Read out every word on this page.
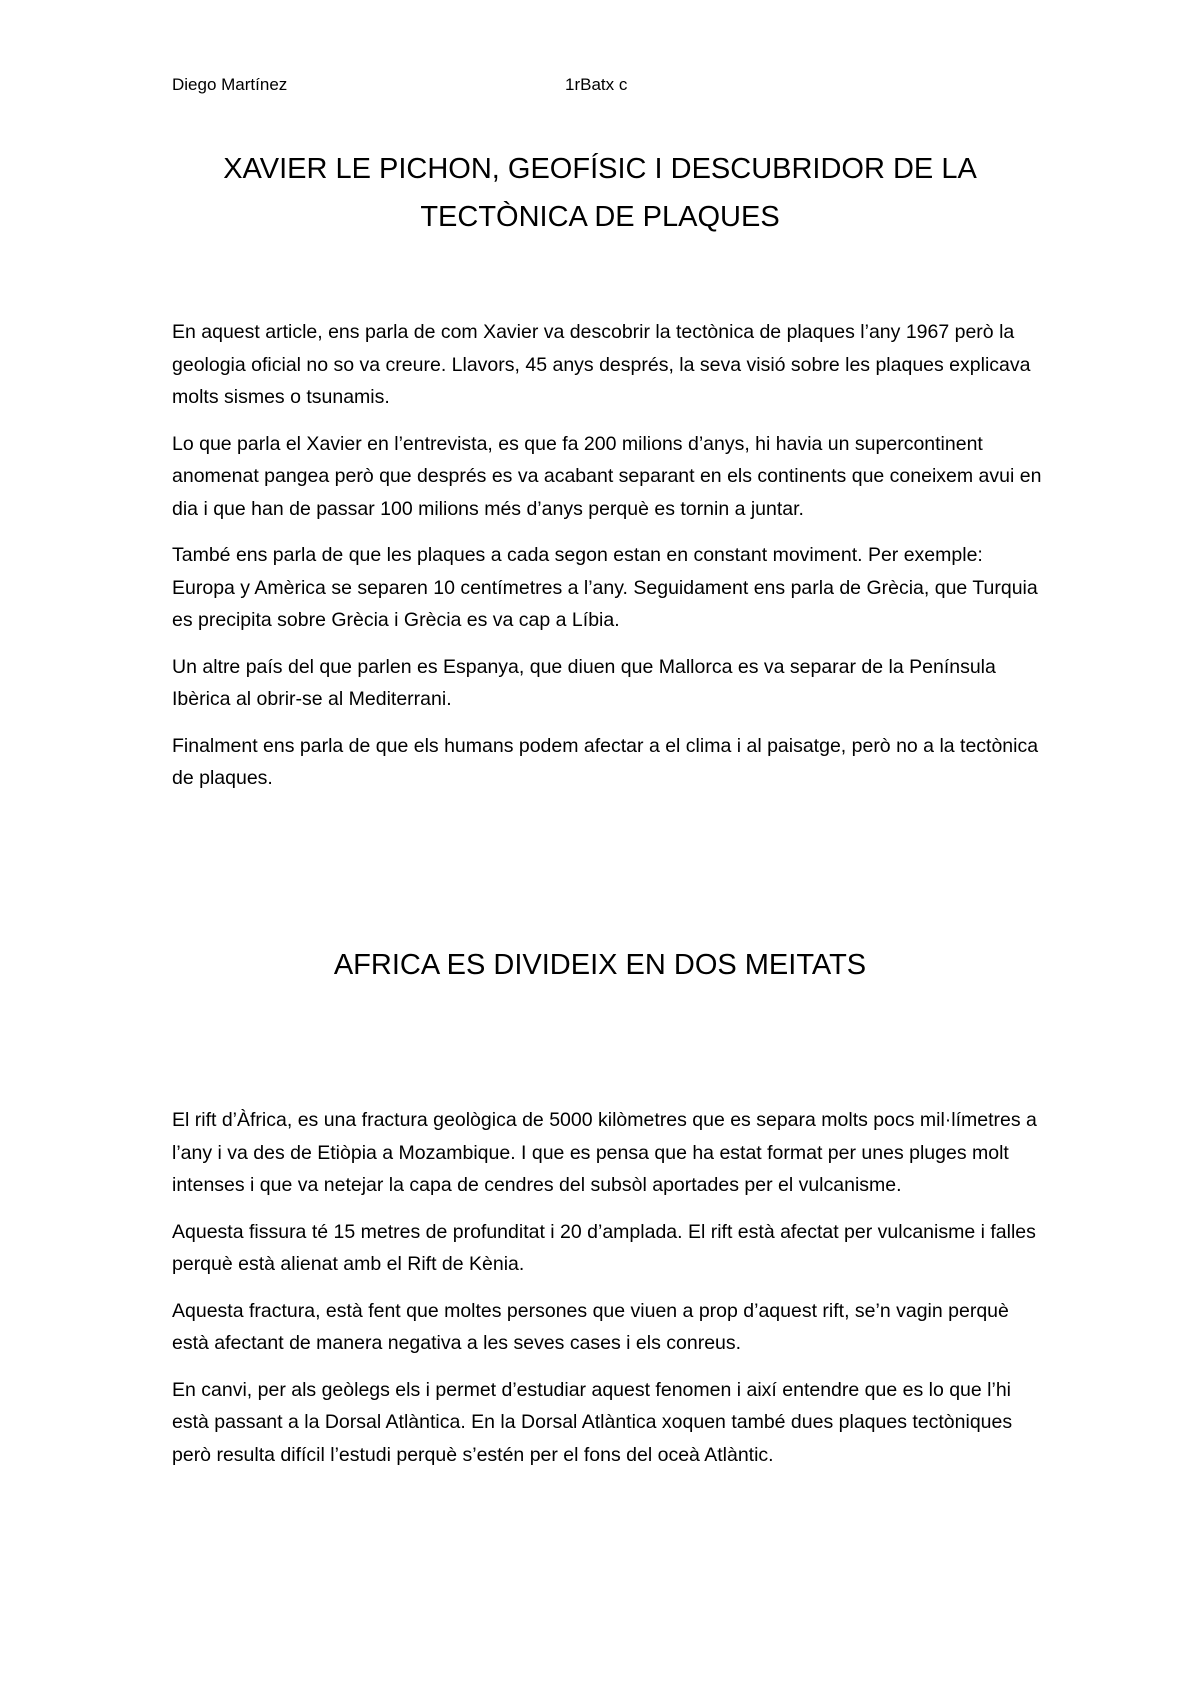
Diego Martínez	1rBatx c
XAVIER LE PICHON, GEOFÍSIC I DESCUBRIDOR DE LA
TECTÒNICA DE PLAQUES

En aquest article, ens parla de com Xavier va descobrir la tectònica de plaques l’any 1967 però la geologia oficial no so va creure. Llavors, 45 anys després, la seva visió sobre les plaques explicava molts sismes o tsunamis.

Lo que parla el Xavier en l’entrevista, es que fa 200 milions d’anys, hi havia un supercontinent anomenat pangea però que després es va acabant separant en els continents que coneixem avui en dia i que han de passar 100 milions més d’anys perquè es tornin a juntar.

També ens parla de que les plaques a cada segon estan en constant moviment. Per exemple: Europa y Amèrica se separen 10 centímetres a l’any. Seguidament ens parla de Grècia, que Turquia es precipita sobre Grècia i Grècia es va cap a Líbia.

Un altre país del que parlen es Espanya, que diuen que Mallorca es va separar de la Península Ibèrica al obrir-se al Mediterrani.

Finalment ens parla de que els humans podem afectar a el clima i al paisatge, però no a la tectònica de plaques.

AFRICA ES DIVIDEIX EN DOS MEITATS

El rift d’Àfrica, es una fractura geològica de 5000 kilòmetres que es separa molts pocs mil·límetres a l’any i va des de Etiòpia a Mozambique. I que es pensa que ha estat format per unes pluges molt intenses i que va netejar la capa de cendres del subsòl aportades per el vulcanisme.

Aquesta fissura té 15 metres de profunditat i 20 d’amplada. El rift està afectat per vulcanisme i falles perquè està alienat amb el Rift de Kènia.

Aquesta fractura, està fent que moltes persones que viuen a prop d’aquest rift, se’n vagin perquè està afectant de manera negativa a les seves cases i els conreus.

En canvi, per als geòlegs els i permet d’estudiar aquest fenomen i així entendre que es lo que l’hi està passant a la Dorsal Atlàntica. En la Dorsal Atlàntica xoquen també dues plaques tectòniques però resulta difícil l’estudi perquè s’estén per el fons del oceà Atlàntic.
